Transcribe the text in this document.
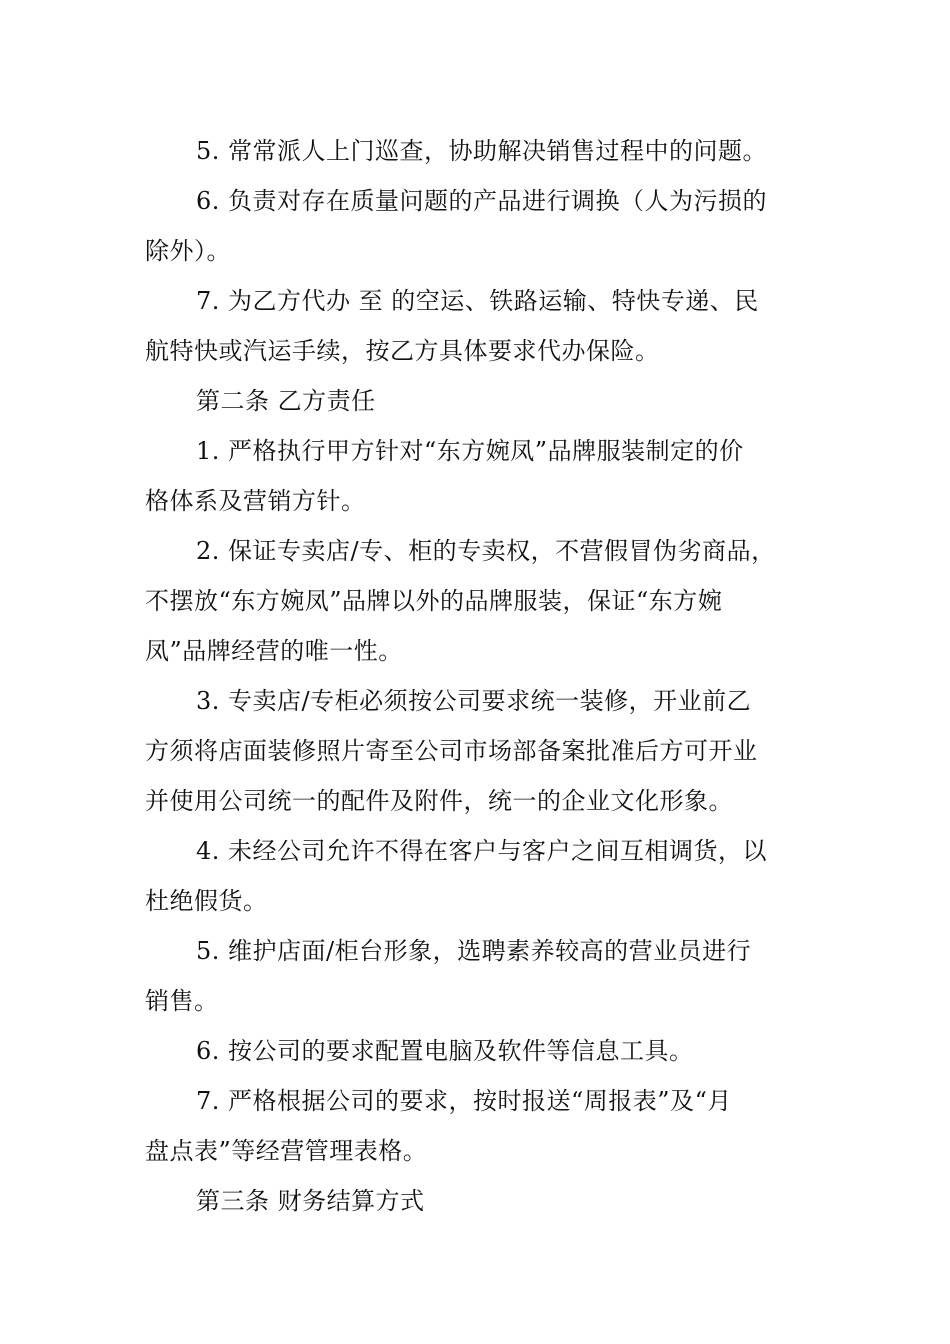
5. 常常派人上门巡查，协助解决销售过程中的问题。
6. 负责对存在质量问题的产品进行调换（人为污损的
除外）。
7. 为乙方代办 至 的空运、铁路运输、特快专递、民
航特快或汽运手续，按乙方具体要求代办保险。
第二条 乙方责任
1. 严格执行甲方针对“东方婉凤”品牌服装制定的价
格体系及营销方针。
2. 保证专卖店/专、柜的专卖权，不营假冒伪劣商品，
不摆放“东方婉凤”品牌以外的品牌服装，保证“东方婉
凤”品牌经营的唯一性。
3. 专卖店/专柜必须按公司要求统一装修，开业前乙
方须将店面装修照片寄至公司市场部备案批准后方可开业
并使用公司统一的配件及附件，统一的企业文化形象。
4. 未经公司允许不得在客户与客户之间互相调货，以
杜绝假货。
5. 维护店面/柜台形象，选聘素养较高的营业员进行
销售。
6. 按公司的要求配置电脑及软件等信息工具。
7. 严格根据公司的要求，按时报送“周报表”及“月
盘点表”等经营管理表格。
第三条 财务结算方式
